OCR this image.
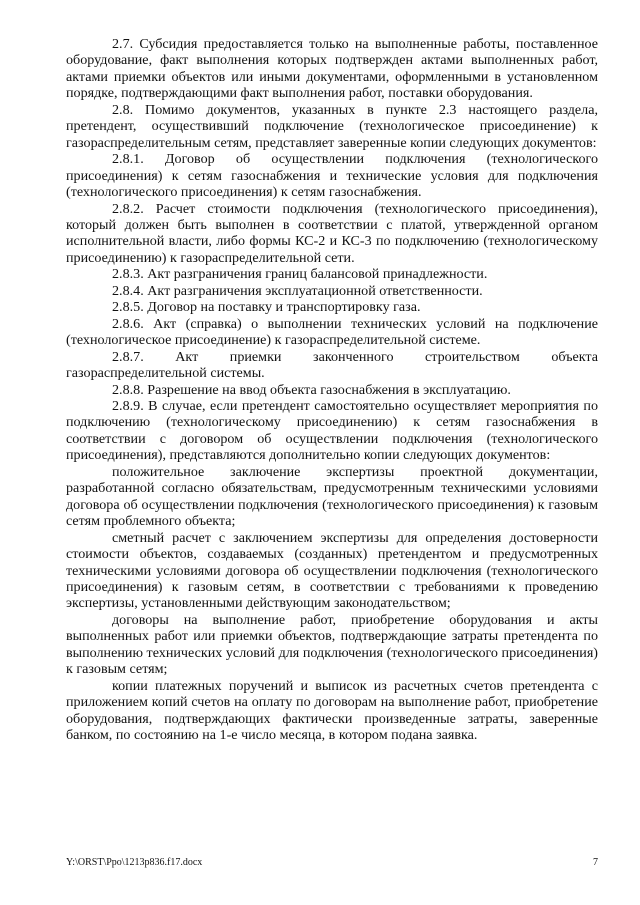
2.7. Субсидия предоставляется только на выполненные работы, поставленное оборудование, факт выполнения которых подтвержден актами выполненных работ, актами приемки объектов или иными документами, оформленными в установленном порядке, подтверждающими факт выполнения работ, поставки оборудования.

2.8. Помимо документов, указанных в пункте 2.3 настоящего раздела, претендент, осуществивший подключение (технологическое присоединение) к газораспределительным сетям, представляет заверенные копии следующих документов:

2.8.1. Договор об осуществлении подключения (технологического присоединения) к сетям газоснабжения и технические условия для подключения (технологического присоединения) к сетям газоснабжения.

2.8.2. Расчет стоимости подключения (технологического присоединения), который должен быть выполнен в соответствии с платой, утвержденной органом исполнительной власти, либо формы КС-2 и КС-3 по подключению (технологическому присоединению) к газораспределительной сети.

2.8.3. Акт разграничения границ балансовой принадлежности.

2.8.4. Акт разграничения эксплуатационной ответственности.

2.8.5. Договор на поставку и транспортировку газа.

2.8.6. Акт (справка) о выполнении технических условий на подключение (технологическое присоединение) к газораспределительной системе.

2.8.7. Акт приемки законченного строительством объекта газораспределительной системы.

2.8.8. Разрешение на ввод объекта газоснабжения в эксплуатацию.

2.8.9. В случае, если претендент самостоятельно осуществляет мероприятия по подключению (технологическому присоединению) к сетям газоснабжения в соответствии с договором об осуществлении подключения (технологического присоединения), представляются дополнительно копии следующих документов:

положительное заключение экспертизы проектной документации, разработанной согласно обязательствам, предусмотренным техническими условиями договора об осуществлении подключения (технологического присоединения) к газовым сетям проблемного объекта;

сметный расчет с заключением экспертизы для определения достоверности стоимости объектов, создаваемых (созданных) претендентом и предусмотренных техническими условиями договора об осуществлении подключения (технологического присоединения) к газовым сетям, в соответствии с требованиями к проведению экспертизы, установленными действующим законодательством;

договоры на выполнение работ, приобретение оборудования и акты выполненных работ или приемки объектов, подтверждающие затраты претендента по выполнению технических условий для подключения (технологического присоединения) к газовым сетям;

копии платежных поручений и выписок из расчетных счетов претендента с приложением копий счетов на оплату по договорам на выполнение работ, приобретение оборудования, подтверждающих фактически произведенные затраты, заверенные банком, по состоянию на 1-е число месяца, в котором подана заявка.

Y:\ORST\Ppo\1213p836.f17.docx	7
